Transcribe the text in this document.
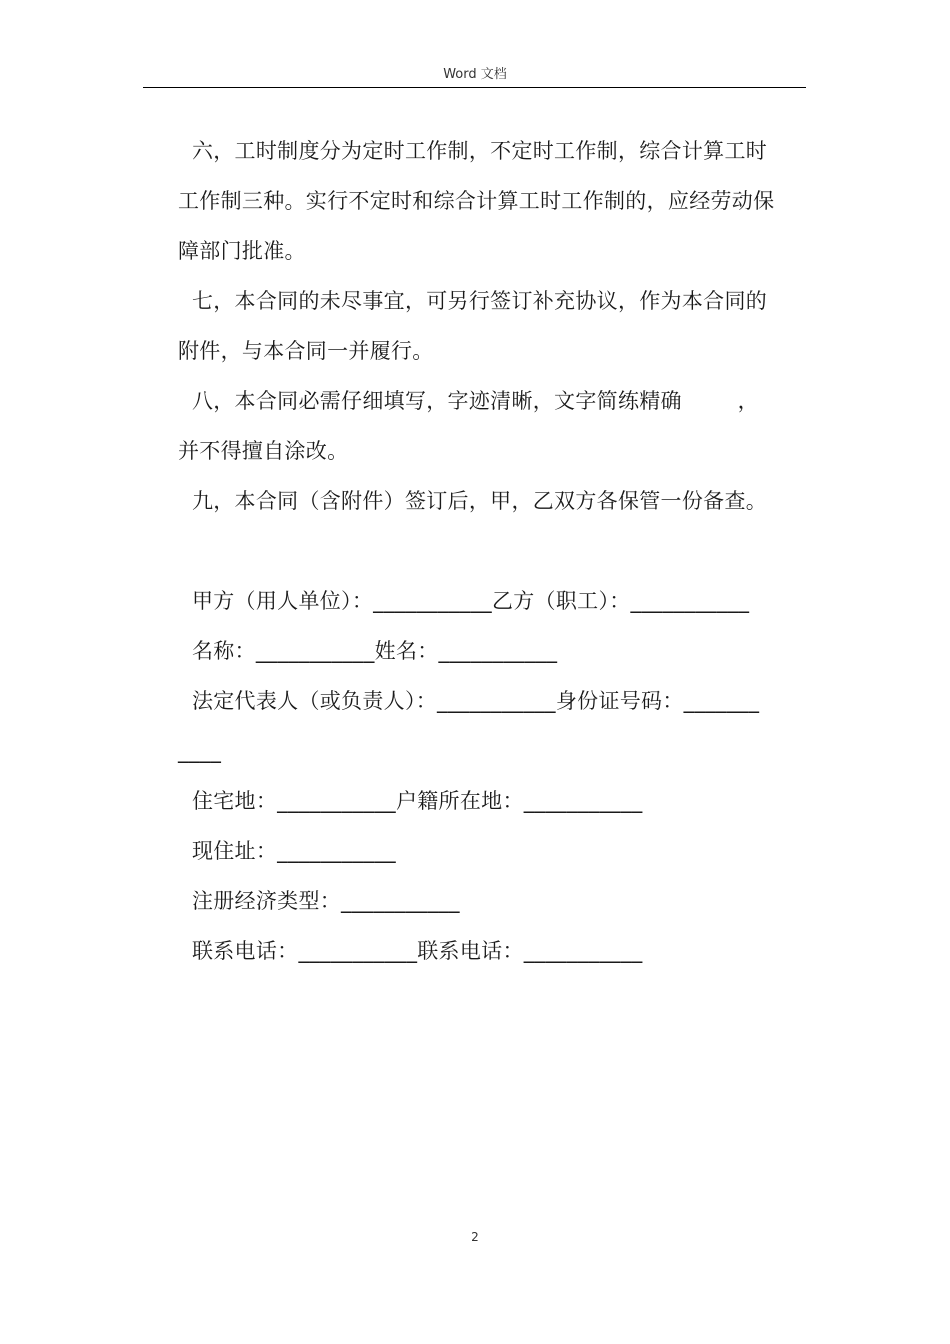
Word 文档
六，工时制度分为定时工作制，不定时工作制，综合计算工时
工作制三种。实行不定时和综合计算工时工作制的，应经劳动保
障部门批准。
七，本合同的未尽事宜，可另行签订补充协议，作为本合同的
附件，与本合同一并履行。
八，本合同必需仔细填写，字迹清晰，文字简练精确        ，
并不得擅自涂改。
九，本合同（含附件）签订后，甲，乙双方各保管一份备查。
甲方（用人单位）：___________乙方（职工）：___________
名称：___________姓名：___________
法定代表人（或负责人）：___________身份证号码：_______
____
住宅地：___________户籍所在地：___________
现住址：___________
注册经济类型：___________
联系电话：___________联系电话：___________
2
